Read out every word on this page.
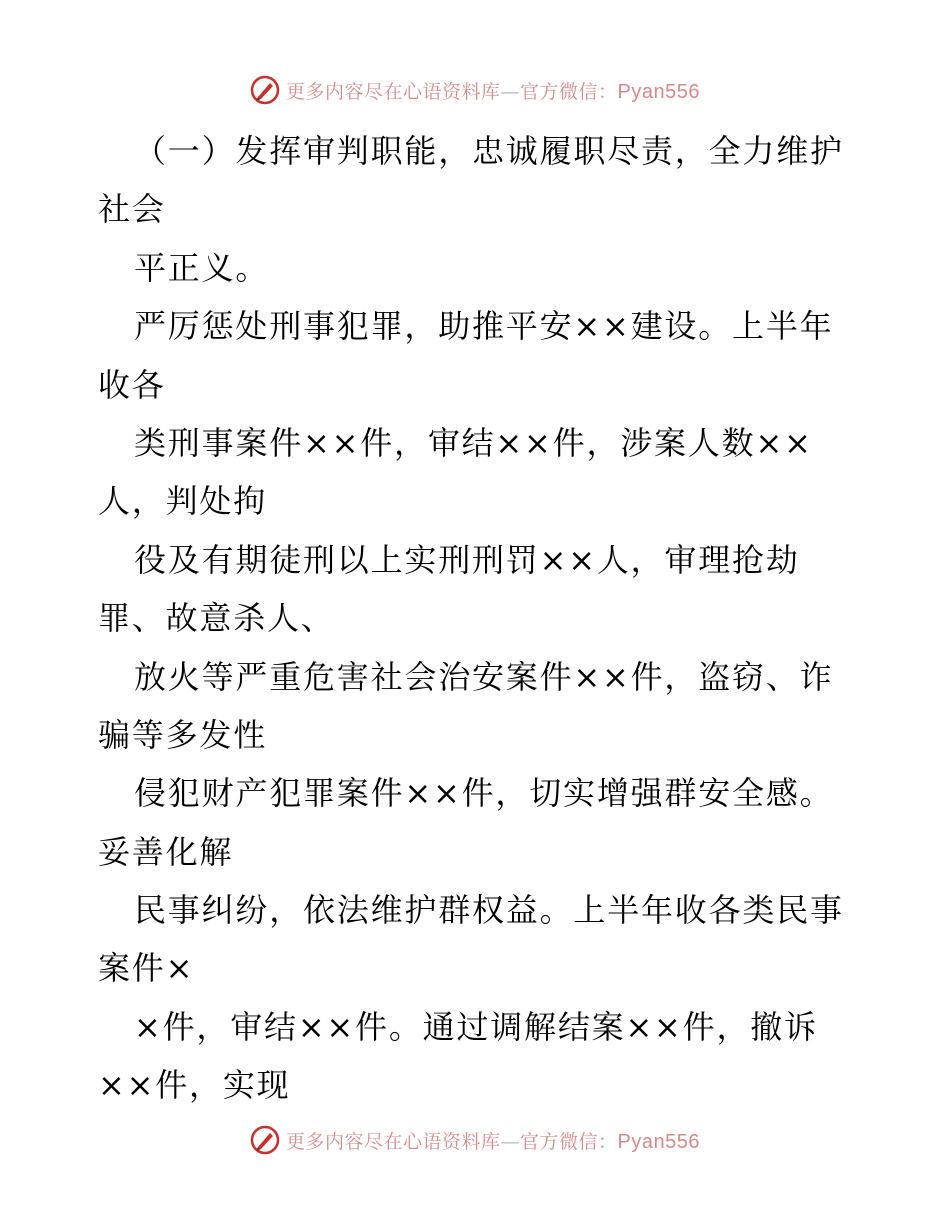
更多内容尽在心语资料库—官方微信：Pyan556
（一）发挥审判职能，忠诚履职尽责，全力维护
社会
平正义。
严厉惩处刑事犯罪，助推平安××建设。上半年
收各
类刑事案件××件，审结××件，涉案人数××
人，判处拘
役及有期徒刑以上实刑刑罚××人，审理抢劫
罪、故意杀人、
放火等严重危害社会治安案件××件，盗窃、诈
骗等多发性
侵犯财产犯罪案件××件，切实增强群安全感。
妥善化解
民事纠纷，依法维护群权益。上半年收各类民事
案件×
×件，审结××件。通过调解结案××件，撤诉
××件，实现
更多内容尽在心语资料库—官方微信：Pyan556
